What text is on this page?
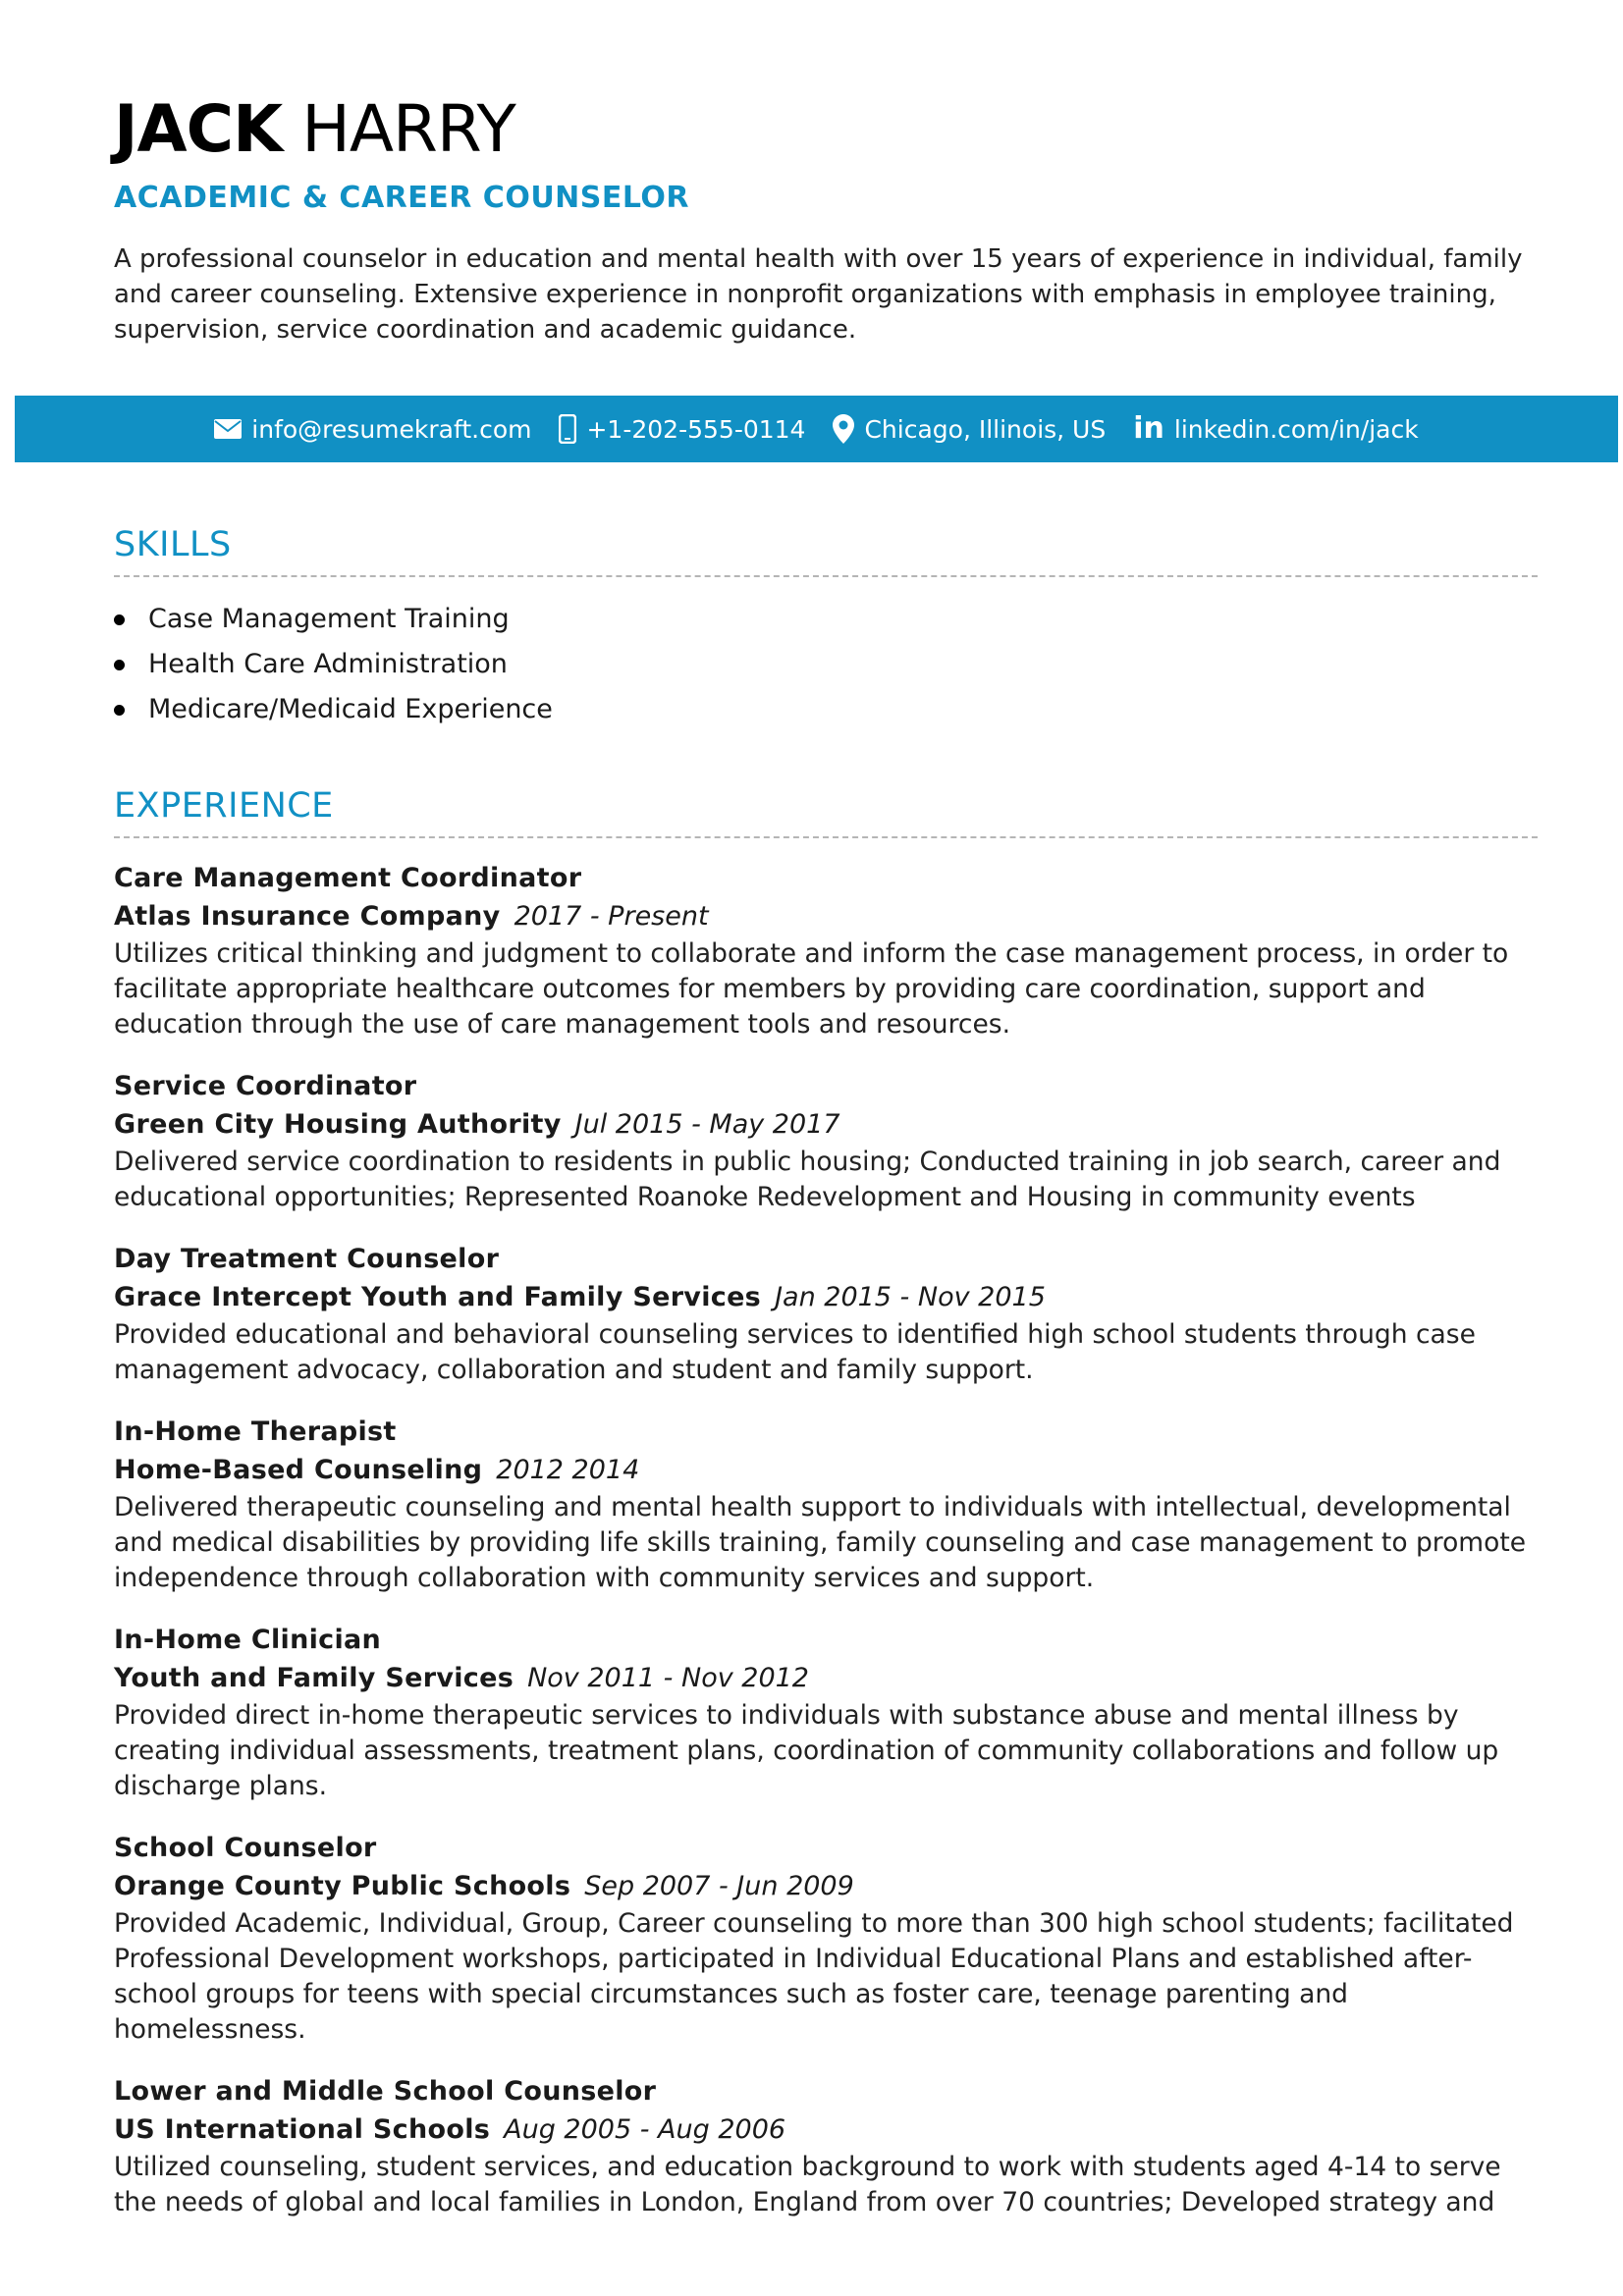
JACK HARRY
ACADEMIC & CAREER COUNSELOR
A professional counselor in education and mental health with over 15 years of experience in individual, family and career counseling. Extensive experience in nonprofit organizations with emphasis in employee training, supervision, service coordination and academic guidance.
info@resumekraft.com +1-202-555-0114 Chicago, Illinois, US in linkedin.com/in/jack
SKILLS
Case Management Training
Health Care Administration
Medicare/Medicaid Experience
EXPERIENCE
Care Management Coordinator
Atlas Insurance Company 2017 - Present
Utilizes critical thinking and judgment to collaborate and inform the case management process, in order to facilitate appropriate healthcare outcomes for members by providing care coordination, support and education through the use of care management tools and resources.
Service Coordinator
Green City Housing Authority Jul 2015 - May 2017
Delivered service coordination to residents in public housing; Conducted training in job search, career and educational opportunities; Represented Roanoke Redevelopment and Housing in community events
Day Treatment Counselor
Grace Intercept Youth and Family Services Jan 2015 - Nov 2015
Provided educational and behavioral counseling services to identified high school students through case management advocacy, collaboration and student and family support.
In-Home Therapist
Home-Based Counseling 2012 2014
Delivered therapeutic counseling and mental health support to individuals with intellectual, developmental and medical disabilities by providing life skills training, family counseling and case management to promote independence through collaboration with community services and support.
In-Home Clinician
Youth and Family Services Nov 2011 - Nov 2012
Provided direct in-home therapeutic services to individuals with substance abuse and mental illness by creating individual assessments, treatment plans, coordination of community collaborations and follow up discharge plans.
School Counselor
Orange County Public Schools Sep 2007 - Jun 2009
Provided Academic, Individual, Group, Career counseling to more than 300 high school students; facilitated Professional Development workshops, participated in Individual Educational Plans and established after-school groups for teens with special circumstances such as foster care, teenage parenting and homelessness.
Lower and Middle School Counselor
US International Schools Aug 2005 - Aug 2006
Utilized counseling, student services, and education background to work with students aged 4-14 to serve the needs of global and local families in London, England from over 70 countries; Developed strategy and
